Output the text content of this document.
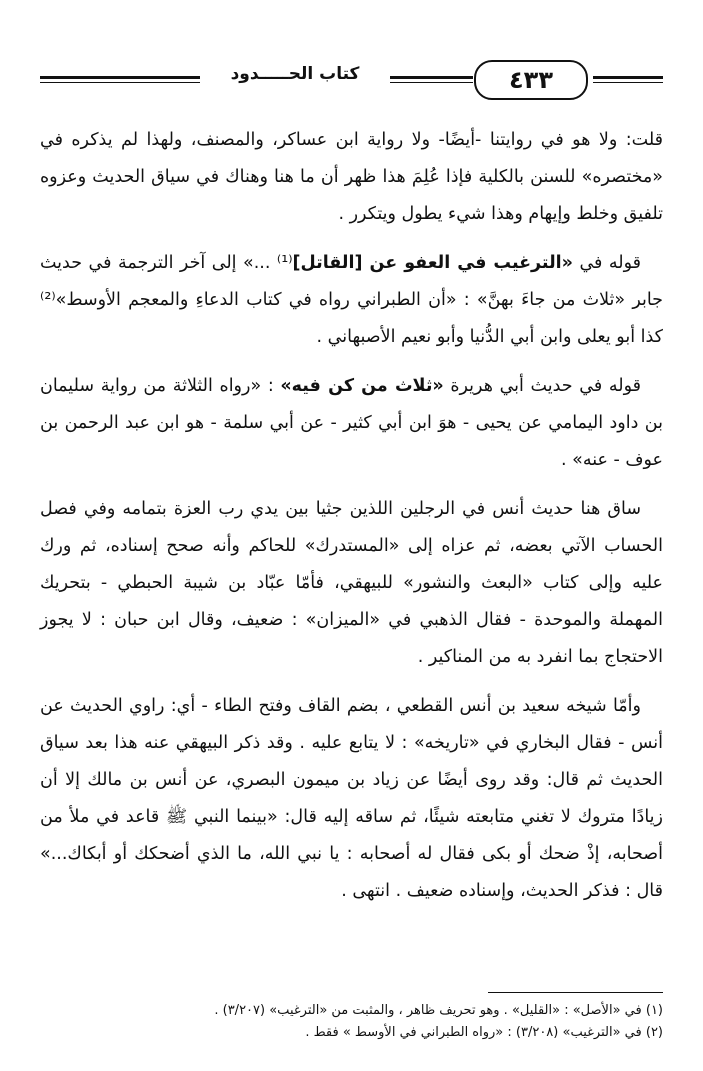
كتاب الحـــــدود	٤٣٣

قلت: ولا هو في روايتنا -أيضًا- ولا رواية ابن عساكر، والمصنف، ولهذا لم يذكره في «مختصره» للسنن بالكلية فإذا عُلِمَ هذا ظهر أن ما هنا وهناك في سياق الحديث وعزوه تلفيق وخلط وإيهام وهذا شيء يطول ويتكرر .

قوله في «الترغيب في العفو عن [القاتل]⁽¹⁾ ...» إلى آخر الترجمة في حديث جابر «ثلاث من جاءَ بهنَّ» : «أن الطبراني رواه في كتاب الدعاءِ والمعجم الأوسط»⁽²⁾ كذا أبو يعلى وابن أبي الدُّنيا وأبو نعيم الأصبهاني .

قوله في حديث أبي هريرة «ثلاث من كن فيه» : «رواه الثلاثة من رواية سليمان بن داود اليمامي عن يحيى - هوَ ابن أبي كثير - عن أبي سلمة - هو ابن عبد الرحمن بن عوف - عنه» .

ساق هنا حديث أنس في الرجلين اللذين جثيا بين يدي رب العزة بتمامه وفي فصل الحساب الآتي بعضه، ثم عزاه إلى «المستدرك» للحاكم وأنه صحح إسناده، ثم ورك عليه وإلى كتاب «البعث والنشور» للبيهقي، فأمّا عبّاد بن شيبة الحبطي - بتحريك المهملة والموحدة - فقال الذهبي في «الميزان» : ضعيف، وقال ابن حبان : لا يجوز الاحتجاج بما انفرد به من المناكير .

وأمّا شيخه سعيد بن أنس القطعي ، بضم القاف وفتح الطاء - أي: راوي الحديث عن أنس - فقال البخاري في «تاريخه» : لا يتابع عليه . وقد ذكر البيهقي عنه هذا بعد سياق الحديث ثم قال: وقد روى أيضًا عن زياد بن ميمون البصري، عن أنس بن مالك إلا أن زيادًا متروك لا تغني متابعته شيئًا، ثم ساقه إليه قال: «بينما النبي ﷺ قاعد في ملأ من أصحابه، إذْ ضحك أو بكى فقال له أصحابه : يا نبي الله، ما الذي أضحكك أو أبكاك...» قال : فذكر الحديث، وإسناده ضعيف . انتهى .

(١) في «الأصل» : «القليل» . وهو تحريف ظاهر ، والمثبت من «الترغيب» (٣/٢٠٧) .
(٢) في «الترغيب» (٣/٢٠٨) : «رواه الطبراني في الأوسط » فقط .
